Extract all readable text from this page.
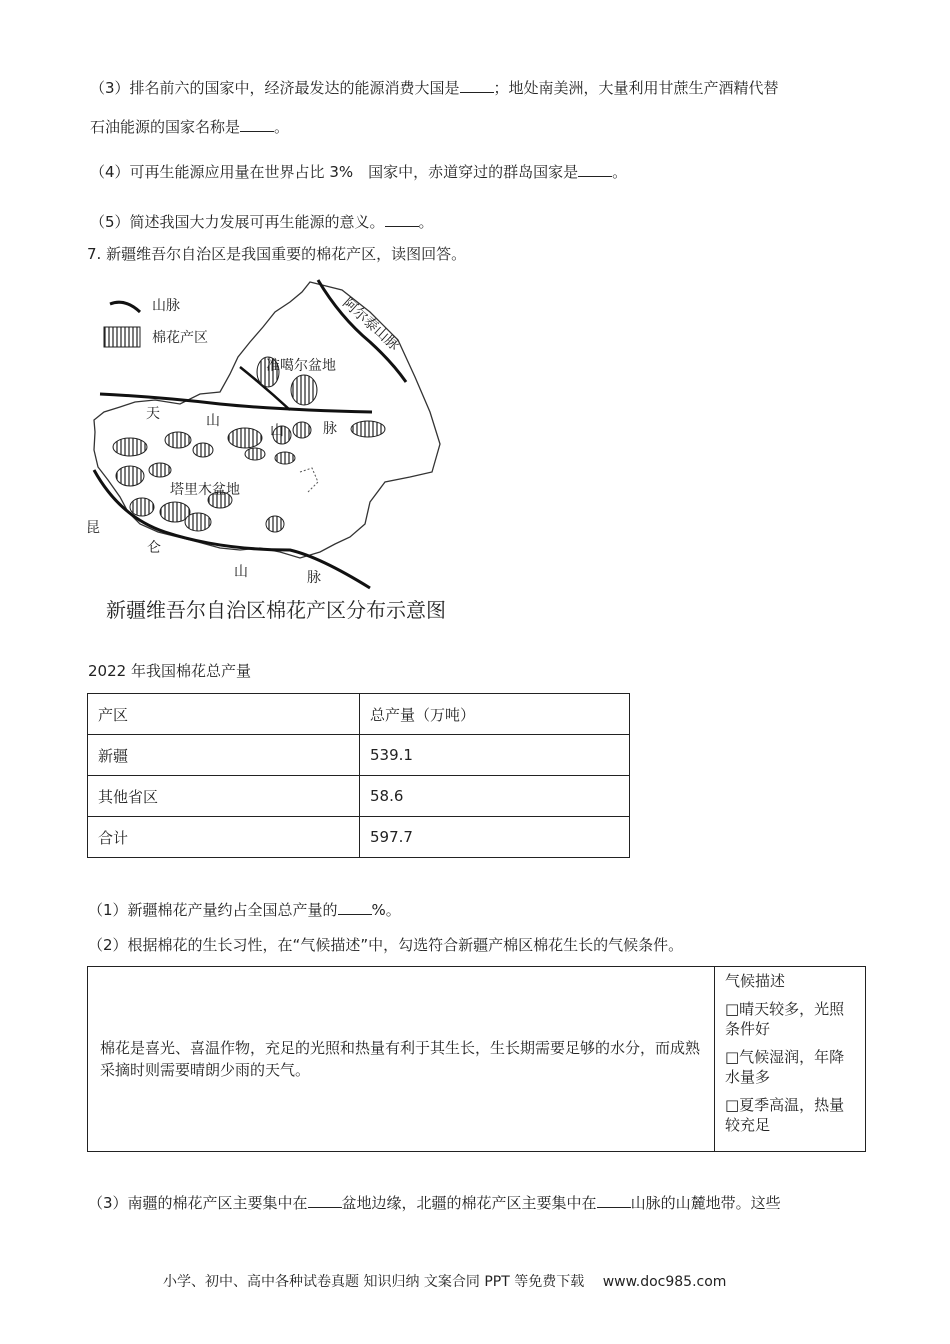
（3）排名前六的国家中，经济最发达的能源消费大国是 ；地处南美洲，大量利用甘蔗生产酒精代替
石油能源的国家名称是 。
（4）可再生能源应用量在世界占比 3%　国家中，赤道穿过的群岛国家是 。
（5）简述我国大力发展可再生能源的意义。 。
7. 新疆维吾尔自治区是我国重要的棉花产区，读图回答。
山脉
棉花产区	阿尔泰山脉
准噶尔盆地
天	山
山	脉
塔里木盆地
昆
仑
山	脉
新疆维吾尔自治区棉花产区分布示意图
2022 年我国棉花总产量
产区	总产量（万吨）
新疆	539.1
其他省区	58.6
合计	597.7
（1）新疆棉花产量约占全国总产量的 %。
（2）根据棉花的生长习性，在“气候描述”中，勾选符合新疆产棉区棉花生长的气候条件。
棉花是喜光、喜温作物，充足的光照和热量有利于其生长，生长期需要足够的水分，而成熟采摘时则需要晴朗少雨的天气。	
气候描述
□晴天较多，光照条件好
□气候湿润，年降水量多
□夏季高温，热量较充足
（3）南疆的棉花产区主要集中在 盆地边缘，北疆的棉花产区主要集中在 山脉的山麓地带。这些
小学、初中、高中各种试卷真题 知识归纳 文案合同 PPT 等免费下载 www.doc985.com
